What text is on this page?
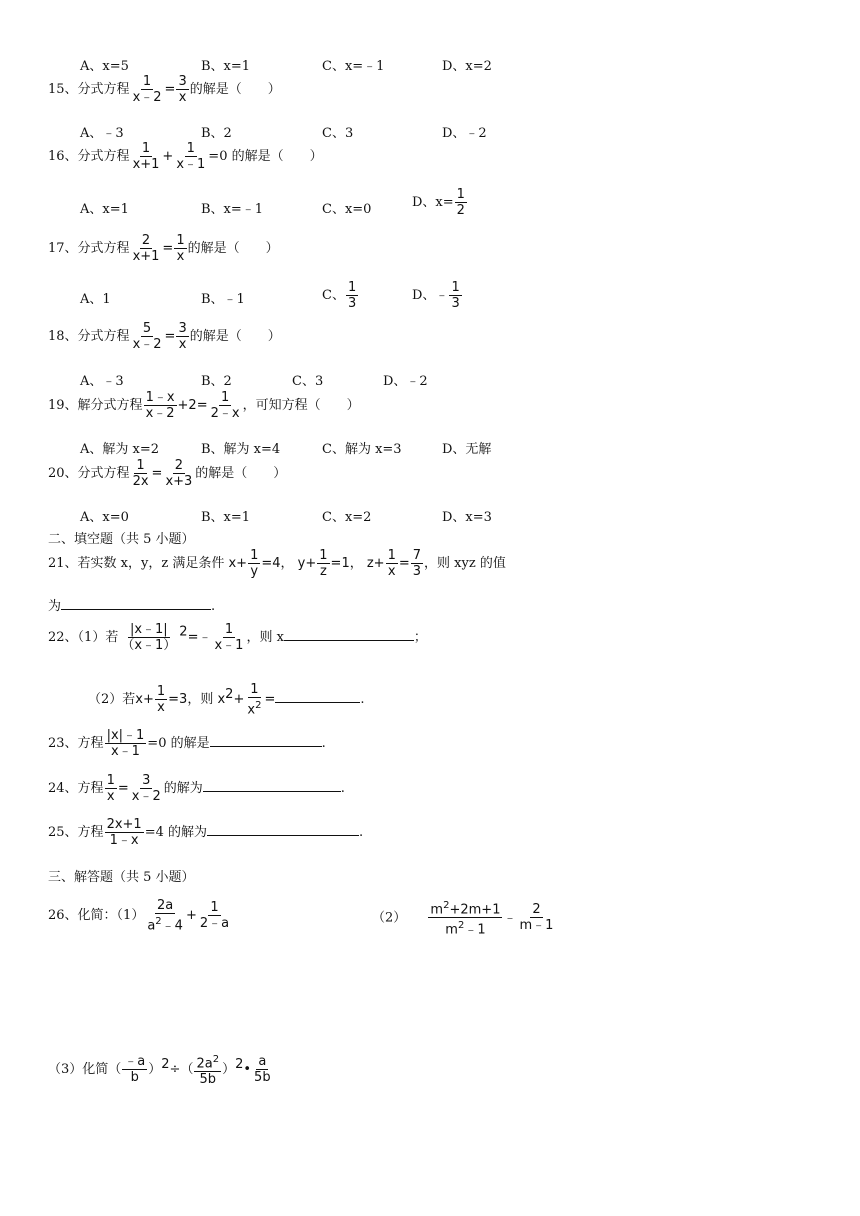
A、x=5	B、x=1	C、x=﹣1	D、x=2
15、分式方程 $\frac{1}{x﹣2} = \frac{3}{x}$ 的解是（　　）
A、﹣3	B、2	C、3	D、﹣2
16、分式方程 $\frac{1}{x+1} + \frac{1}{x﹣1} =0$ 的解是（　　）
A、x=1	B、x=﹣1	C、x=0	D、$x= \frac{1}{2}$
17、分式方程 $\frac{2}{x+1} = \frac{1}{x}$ 的解是（　　）
A、1	B、﹣1	C、 $\frac{1}{3}$	D、﹣ $\frac{1}{3}$
18、分式方程 $\frac{5}{x﹣2} = \frac{3}{x}$ 的解是（　　）
A、﹣3	B、2	C、3	D、﹣2
19、解分式方程 $\frac{1﹣x}{x﹣2} +2= \frac{1}{2﹣x}$ ，可知方程（　　）
A、解为 x=2	B、解为 x=4	C、解为 x=3	D、无解
20、分式方程 $\frac{1}{2x} = \frac{2}{x+3}$ 的解是（　　）
A、x=0	B、x=1	C、x=2	D、x=3
二、填空题（共 5 小题）
21、若实数 x，y，z 满足条件 $x+ \frac{1}{y} =4$， $y+ \frac{1}{z} =1$， $z+ \frac{1}{x} = \frac{7}{3}$ ，则 xyz 的值
为	.
22、（1）若 $\frac{|x﹣1|}{(x﹣1)}$ $^2$=﹣ $\frac{1}{x﹣1}$ ，则 x	；
（2）若$x+ \frac{1}{x} =3$，则 $x^2+ \frac{1}{x^2}$ =	.
23、方程 $\frac{|x|﹣1}{x﹣1} =0$ 的解是	.
24、方程 $\frac{1}{x} = \frac{3}{x﹣2}$ 的解为	.
25、方程 $\frac{2x+1}{1﹣x} =4$ 的解为	.
三、解答题（共 5 小题）
26、化简：$(1) \frac{2a}{a^2﹣4} + \frac{1}{2﹣a}$	$(2) \frac{m^2+2m+1}{m^2﹣1}$ ﹣ $\frac{2}{m﹣1}$
（3）化简（ $\frac{﹣a}{b} )^2\div( \frac{2a^2}{5b}$ ）$^2• \frac{a}{5b}$
